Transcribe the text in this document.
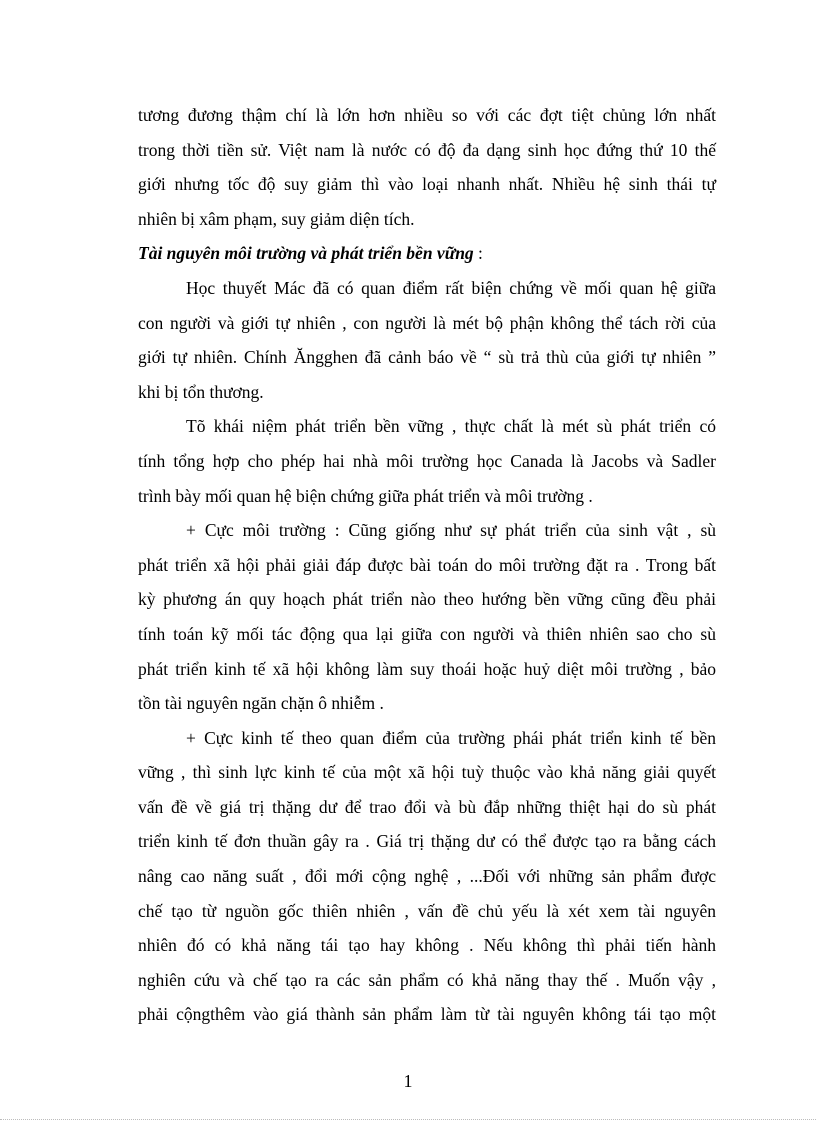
tương đương thậm chí là lớn hơn nhiều so với các đợt tiệt chủng lớn nhất
trong thời tiền sử. Việt nam là nước có độ đa dạng sinh học đứng thứ 10 thế
giới nhưng tốc độ suy giảm thì vào loại nhanh nhất. Nhiều hệ sinh thái tự
nhiên bị xâm phạm, suy giảm diện tích.
Tài nguyên môi trường và phát triển bền vững :
Học thuyết Mác đã có quan điểm rất biện chứng về mối quan hệ giữa
con người và giới tự nhiên , con người là mét bộ phận không thể tách rời của
giới tự nhiên. Chính Ăngghen đã cảnh báo về “ sù trả thù của giới tự nhiên ”
khi bị tổn thương.
Tõ khái niệm phát triển bền vững , thực chất là mét sù phát triển có
tính tổng hợp cho phép hai nhà môi trường học Canada là Jacobs và Sadler
trình bày mối quan hệ biện chứng giữa phát triển và môi trường .
+ Cực môi trường : Cũng giống như sự phát triển của sinh vật , sù
phát triển xã hội phải giải đáp được bài toán do môi trường đặt ra . Trong bất
kỳ phương án quy hoạch phát triển nào theo hướng bền vững cũng đều phải
tính toán kỹ mối tác động qua lại giữa con người và thiên nhiên sao cho sù
phát triển kinh tế xã hội không làm suy thoái hoặc huỷ diệt môi trường , bảo
tồn tài nguyên ngăn chặn ô nhiễm .
+ Cực kinh tế theo quan điểm của trường phái phát triển kinh tế bền
vững , thì sinh lực kinh tế của một xã hội tuỳ thuộc vào khả năng giải quyết
vấn đề về giá trị thặng dư để trao đổi và bù đắp những thiệt hại do sù phát
triển kinh tế đơn thuần gây ra . Giá trị thặng dư có thể được tạo ra bằng cách
nâng cao năng suất , đổi mới cộng nghệ , ...Đối với những sản phẩm được
chế tạo từ nguồn gốc thiên nhiên , vấn đề chủ yếu là xét xem tài nguyên
nhiên đó có khả năng tái tạo hay không . Nếu không thì phải tiến hành
nghiên cứu và chế tạo ra các sản phẩm có khả năng thay thế . Muốn vậy ,
phải cộngthêm vào giá thành sản phẩm làm từ tài nguyên không tái tạo một
1
